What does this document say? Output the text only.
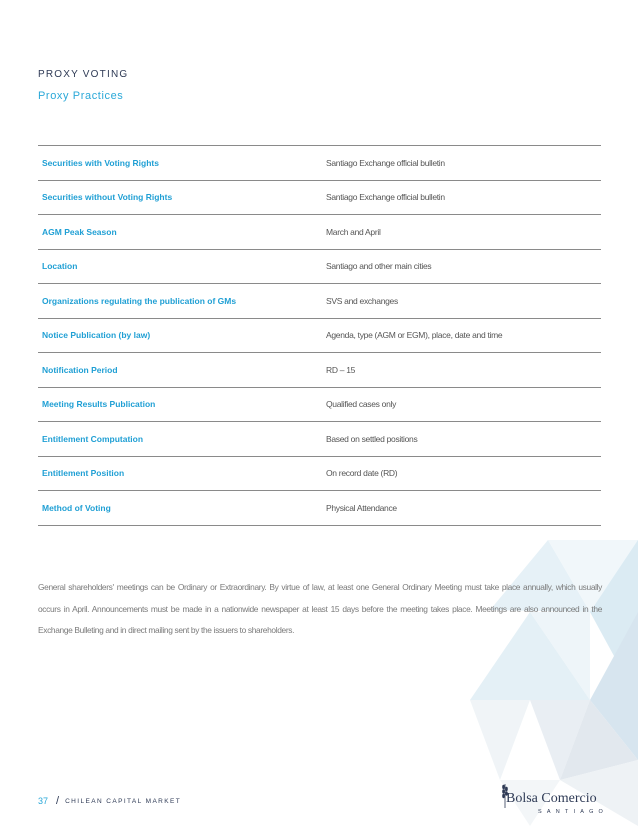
PROXY VOTING
Proxy Practices
Securities with Voting Rights	Santiago Exchange official bulletin
Securities without Voting Rights	Santiago Exchange official bulletin
AGM Peak Season	March and April
Location	Santiago and other main cities
Organizations regulating the publication of GMs	SVS and exchanges
Notice Publication (by law)	Agenda, type (AGM or EGM), place, date and time
Notification Period	RD – 15
Meeting Results Publication	Qualified cases only
Entitlement Computation	Based on settled positions
Entitlement Position	On record date (RD)
Method of Voting	Physical Attendance
General shareholders' meetings can be Ordinary or Extraordinary. By virtue of law, at least one General Ordinary Meeting must take place annually, which usually occurs in April. Announcements must be made in a nationwide newspaper at least 15 days before the meeting takes place. Meetings are also announced in the Exchange Bulleting and in direct mailing sent by the issuers to shareholders.
37 / CHILEAN CAPITAL MARKET	Bolsa Comercio
SANTIAGO
